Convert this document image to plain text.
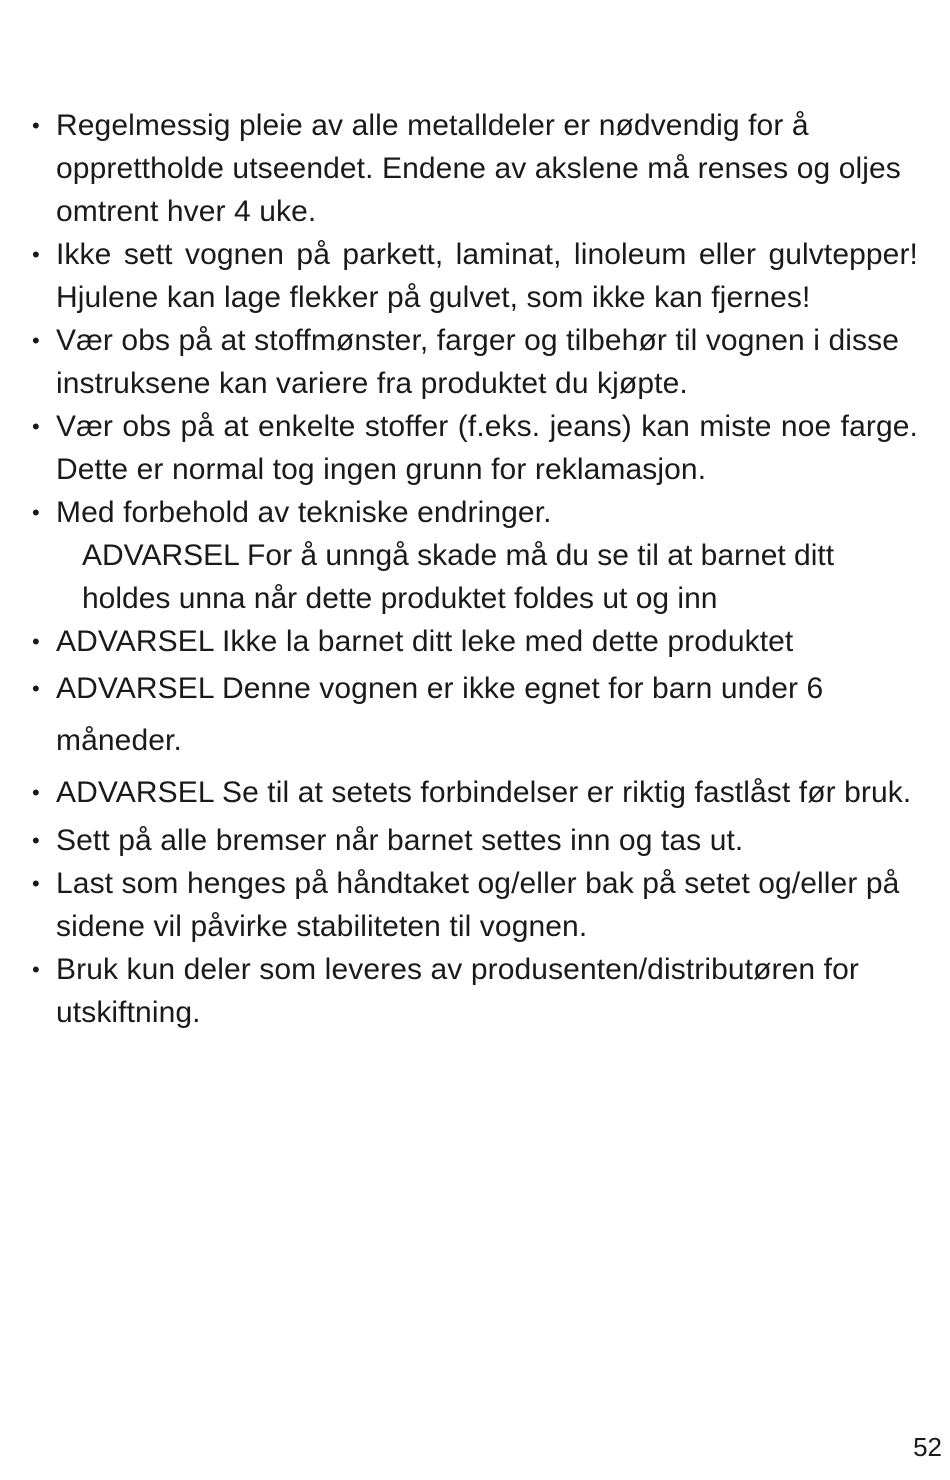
• Regelmessig pleie av alle metalldeler er nødvendig for å opprettholde utseendet. Endene av akslene må renses og oljes omtrent hver 4 uke.
• Ikke sett vognen på parkett, laminat, linoleum eller gulvtepper! Hjulene kan lage flekker på gulvet, som ikke kan fjernes!
• Vær obs på at stoffmønster, farger og tilbehør til vognen i disse instruksene kan variere fra produktet du kjøpte.
• Vær obs på at enkelte stoffer (f.eks. jeans) kan miste noe farge. Dette er normal tog ingen grunn for reklamasjon.
• Med forbehold av tekniske endringer.
ADVARSEL For å unngå skade må du se til at barnet ditt holdes unna når dette produktet foldes ut og inn
• ADVARSEL Ikke la barnet ditt leke med dette produktet
• ADVARSEL Denne vognen er ikke egnet for barn under 6 måneder.
• ADVARSEL Se til at setets forbindelser er riktig fastlåst før bruk.
• Sett på alle bremser når barnet settes inn og tas ut.
• Last som henges på håndtaket og/eller bak på setet og/eller på sidene vil påvirke stabiliteten til vognen.
• Bruk kun deler som leveres av produsenten/distributøren for utskiftning.
52
